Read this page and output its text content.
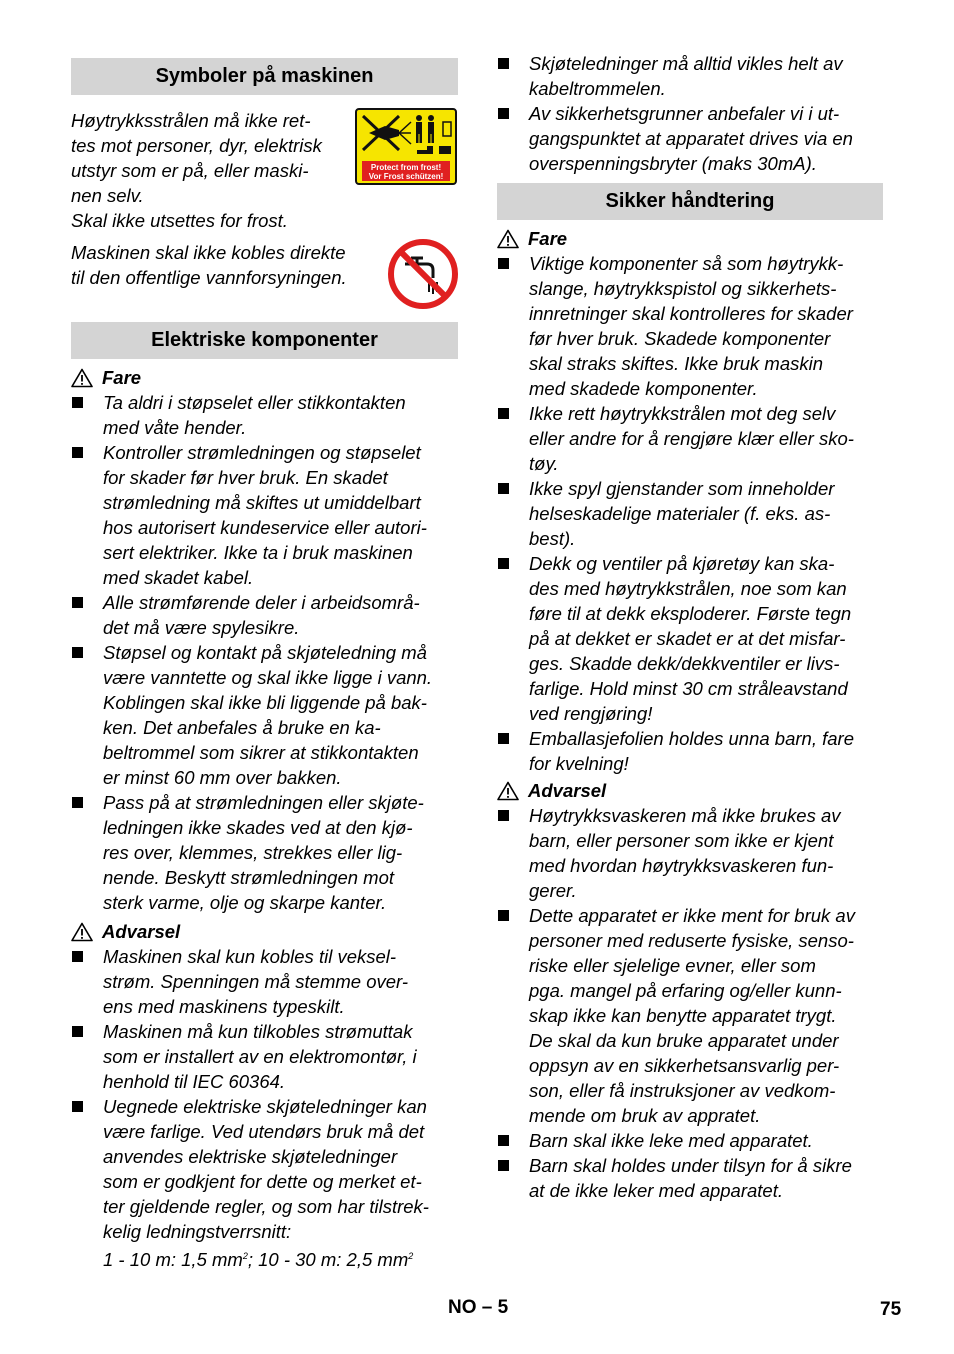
Symboler på maskinen

Høytrykksstrålen må ikke ret-

tes mot personer, dyr, elektrisk

utstyr som er på, eller maski-

nen selv.

Skal ikke utsettes for frost.

Protect from frost!
Vor Frost schützen!

Maskinen skal ikke kobles direkte

til den offentlige vannforsyningen.

Elektriske komponenter
Fare
Ta aldri i støpselet eller stikkontakten
med våte hender.
Kontroller strømledningen og støpselet
for skader før hver bruk. En skadet
strømledning må skiftes ut umiddelbart
hos autorisert kundeservice eller autori-
sert elektriker. Ikke ta i bruk maskinen
med skadet kabel.
Alle strømførende deler i arbeidsområ-
det må være spylesikre.
Støpsel og kontakt på skjøteledning må
være vanntette og skal ikke ligge i vann.
Koblingen skal ikke bli liggende på bak-
ken. Det anbefales å bruke en ka-
beltrommel som sikrer at stikkontakten
er minst 60 mm over bakken.
Pass på at strømledningen eller skjøte-
ledningen ikke skades ved at den kjø-
res over, klemmes, strekkes eller lig-
nende. Beskytt strømledningen mot
sterk varme, olje og skarpe kanter.
Advarsel
Maskinen skal kun kobles til veksel-
strøm. Spenningen må stemme over-
ens med maskinens typeskilt.
Maskinen må kun tilkobles strømuttak
som er installert av en elektromontør, i
henhold til IEC 60364.
Uegnede elektriske skjøteledninger kan
være farlige. Ved utendørs bruk må det
anvendes elektriske skjøteledninger
som er godkjent for dette og merket et-
ter gjeldende regler, og som har tilstrek-
kelig ledningstverrsnitt:
1 - 10 m: 1,5 $mm^2$; 10 - 30 m: 2,5 $mm^2$
Skjøteledninger må alltid vikles helt av
kabeltrommelen.
Av sikkerhetsgrunner anbefaler vi i ut-
gangspunktet at apparatet drives via en
overspenningsbryter (maks 30mA).
Sikker håndtering
Fare
Viktige komponenter så som høytrykk-
slange, høytrykkspistol og sikkerhets-
innretninger skal kontrolleres for skader
før hver bruk. Skadede komponenter
skal straks skiftes. Ikke bruk maskin
med skadede komponenter.
Ikke rett høytrykkstrålen mot deg selv
eller andre for å rengjøre klær eller sko-
tøy.
Ikke spyl gjenstander som inneholder
helseskadelige materialer (f. eks. as-
best).
Dekk og ventiler på kjøretøy kan ska-
des med høytrykkstrålen, noe som kan
føre til at dekk eksploderer. Første tegn
på at dekket er skadet er at det misfar-
ges. Skadde dekk/dekkventiler er livs-
farlige. Hold minst 30 cm stråleavstand
ved rengjøring!
Emballasjefolien holdes unna barn, fare
for kvelning!
Advarsel
Høytrykksvaskeren må ikke brukes av
barn, eller personer som ikke er kjent
med hvordan høytrykksvaskeren fun-
gerer.
Dette apparatet er ikke ment for bruk av
personer med reduserte fysiske, senso-
riske eller sjelelige evner, eller som
pga. mangel på erfaring og/eller kunn-
skap ikke kan benytte apparatet trygt.
De skal da kun bruke apparatet under
oppsyn av en sikkerhetsansvarlig per-
son, eller få instruksjoner av vedkom-
mende om bruk av appratet.
Barn skal ikke leke med apparatet.
Barn skal holdes under tilsyn for å sikre
at de ikke leker med apparatet.
NO – 5	75
